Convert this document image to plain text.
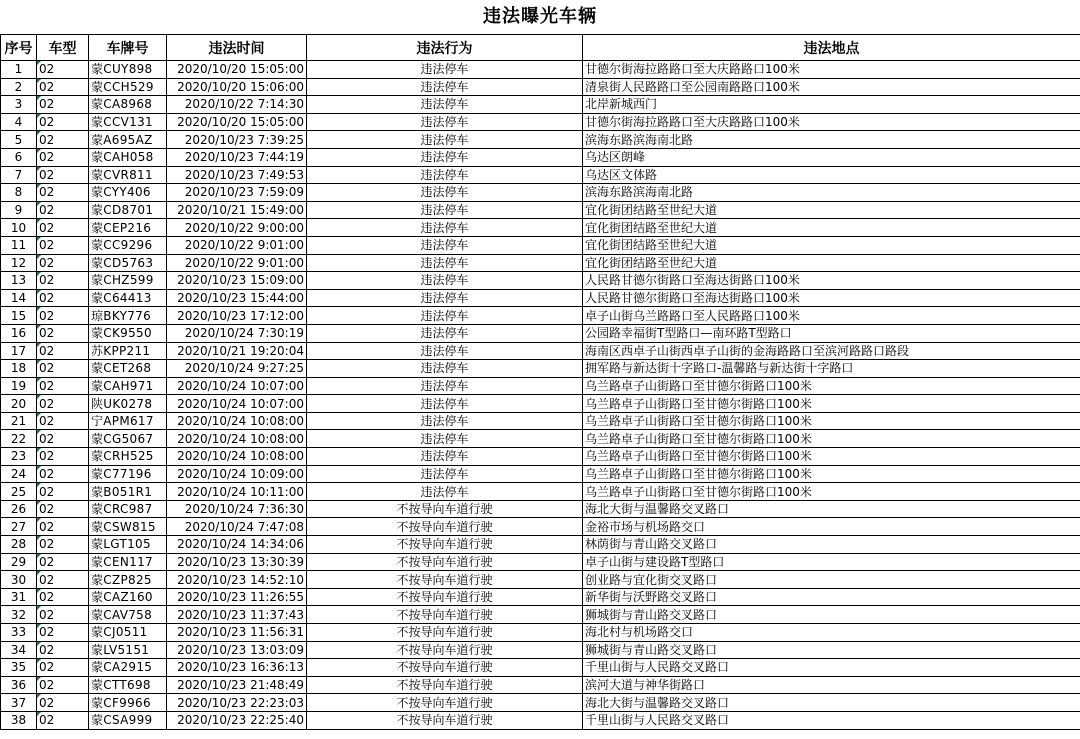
违法曝光车辆
序号	车型	车牌号	违法时间	违法行为	违法地点
1	02	蒙CUY898	2020/10/20 15:05:00	违法停车	甘德尔街海拉路路口至大庆路路口100米
2	02	蒙CCH529	2020/10/20 15:06:00	违法停车	清泉街人民路路口至公园南路路口100米
3	02	蒙CA8968	2020/10/22 7:14:30	违法停车	北岸新城西门
4	02	蒙CCV131	2020/10/20 15:05:00	违法停车	甘德尔街海拉路路口至大庆路路口100米
5	02	蒙A695AZ	2020/10/23 7:39:25	违法停车	滨海东路滨海南北路
6	02	蒙CAH058	2020/10/23 7:44:19	违法停车	乌达区朗峰
7	02	蒙CVR811	2020/10/23 7:49:53	违法停车	乌达区文体路
8	02	蒙CYY406	2020/10/23 7:59:09	违法停车	滨海东路滨海南北路
9	02	蒙CD8701	2020/10/21 15:49:00	违法停车	宜化街团结路至世纪大道
10	02	蒙CEP216	2020/10/22 9:00:00	违法停车	宜化街团结路至世纪大道
11	02	蒙CC9296	2020/10/22 9:01:00	违法停车	宜化街团结路至世纪大道
12	02	蒙CD5763	2020/10/22 9:01:00	违法停车	宜化街团结路至世纪大道
13	02	蒙CHZ599	2020/10/23 15:09:00	违法停车	人民路甘德尔街路口至海达街路口100米
14	02	蒙C64413	2020/10/23 15:44:00	违法停车	人民路甘德尔街路口至海达街路口100米
15	02	琼BKY776	2020/10/23 17:12:00	违法停车	卓子山街乌兰路路口至人民路路口100米
16	02	蒙CK9550	2020/10/24 7:30:19	违法停车	公园路幸福街T型路口—南环路T型路口
17	02	苏KPP211	2020/10/21 19:20:04	违法停车	海南区西卓子山街西卓子山街的金海路路口至滨河路路口路段
18	02	蒙CET268	2020/10/24 9:27:25	违法停车	拥军路与新达街十字路口-温馨路与新达街十字路口
19	02	蒙CAH971	2020/10/24 10:07:00	违法停车	乌兰路卓子山街路口至甘德尔街路口100米
20	02	陕UK0278	2020/10/24 10:07:00	违法停车	乌兰路卓子山街路口至甘德尔街路口100米
21	02	宁APM617	2020/10/24 10:08:00	违法停车	乌兰路卓子山街路口至甘德尔街路口100米
22	02	蒙CG5067	2020/10/24 10:08:00	违法停车	乌兰路卓子山街路口至甘德尔街路口100米
23	02	蒙CRH525	2020/10/24 10:08:00	违法停车	乌兰路卓子山街路口至甘德尔街路口100米
24	02	蒙C77196	2020/10/24 10:09:00	违法停车	乌兰路卓子山街路口至甘德尔街路口100米
25	02	蒙B051R1	2020/10/24 10:11:00	违法停车	乌兰路卓子山街路口至甘德尔街路口100米
26	02	蒙CRC987	2020/10/24 7:36:30	不按导向车道行驶	海北大街与温馨路交叉路口
27	02	蒙CSW815	2020/10/24 7:47:08	不按导向车道行驶	金裕市场与机场路交口
28	02	蒙LGT105	2020/10/24 14:34:06	不按导向车道行驶	林荫街与青山路交叉路口
29	02	蒙CEN117	2020/10/23 13:30:39	不按导向车道行驶	卓子山街与建设路T型路口
30	02	蒙CZP825	2020/10/23 14:52:10	不按导向车道行驶	创业路与宜化街交叉路口
31	02	蒙CAZ160	2020/10/23 11:26:55	不按导向车道行驶	新华街与沃野路交叉路口
32	02	蒙CAV758	2020/10/23 11:37:43	不按导向车道行驶	狮城街与青山路交叉路口
33	02	蒙CJ0511	2020/10/23 11:56:31	不按导向车道行驶	海北村与机场路交口
34	02	蒙LV5151	2020/10/23 13:03:09	不按导向车道行驶	狮城街与青山路交叉路口
35	02	蒙CA2915	2020/10/23 16:36:13	不按导向车道行驶	千里山街与人民路交叉路口
36	02	蒙CTT698	2020/10/23 21:48:49	不按导向车道行驶	滨河大道与神华街路口
37	02	蒙CF9966	2020/10/23 22:23:03	不按导向车道行驶	海北大街与温馨路交叉路口
38	02	蒙CSA999	2020/10/23 22:25:40	不按导向车道行驶	千里山街与人民路交叉路口
